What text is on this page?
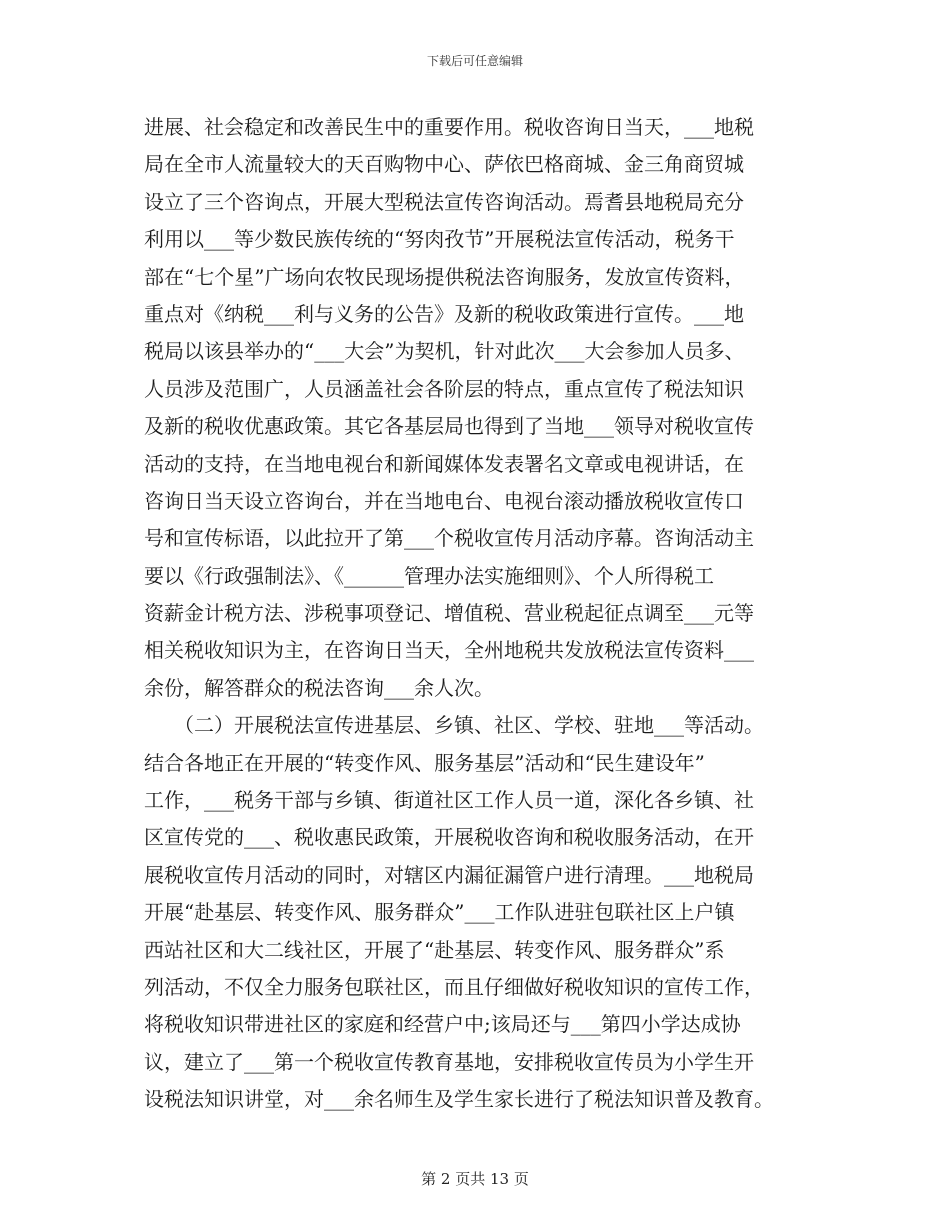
下载后可任意编辑
进展、社会稳定和改善民生中的重要作用。税收咨询日当天，___地税
局在全市人流量较大的天百购物中心、萨依巴格商城、金三角商贸城
设立了三个咨询点，开展大型税法宣传咨询活动。焉耆县地税局充分
利用以___等少数民族传统的“努肉孜节”开展税法宣传活动，税务干
部在“七个星”广场向农牧民现场提供税法咨询服务，发放宣传资料，
重点对《纳税___利与义务的公告》及新的税收政策进行宣传。___地
税局以该县举办的“___大会”为契机，针对此次___大会参加人员多、
人员涉及范围广，人员涵盖社会各阶层的特点，重点宣传了税法知识
及新的税收优惠政策。其它各基层局也得到了当地___领导对税收宣传
活动的支持，在当地电视台和新闻媒体发表署名文章或电视讲话，在
咨询日当天设立咨询台，并在当地电台、电视台滚动播放税收宣传口
号和宣传标语，以此拉开了第___个税收宣传月活动序幕。咨询活动主
要以《行政强制法》、《______管理办法实施细则》、个人所得税工
资薪金计税方法、涉税事项登记、增值税、营业税起征点调至___元等
相关税收知识为主，在咨询日当天，全州地税共发放税法宣传资料___
余份，解答群众的税法咨询___余人次。
　　（二）开展税法宣传进基层、乡镇、社区、学校、驻地___等活动。
结合各地正在开展的“转变作风、服务基层”活动和“民生建设年”
工作，___税务干部与乡镇、街道社区工作人员一道，深化各乡镇、社
区宣传党的___、税收惠民政策，开展税收咨询和税收服务活动，在开
展税收宣传月活动的同时，对辖区内漏征漏管户进行清理。___地税局
开展“赴基层、转变作风、服务群众”___工作队进驻包联社区上户镇
西站社区和大二线社区，开展了“赴基层、转变作风、服务群众”系
列活动，不仅全力服务包联社区，而且仔细做好税收知识的宣传工作，
将税收知识带进社区的家庭和经营户中;该局还与___第四小学达成协
议，建立了___第一个税收宣传教育基地，安排税收宣传员为小学生开
设税法知识讲堂，对___余名师生及学生家长进行了税法知识普及教育。
第 2 页共 13 页
